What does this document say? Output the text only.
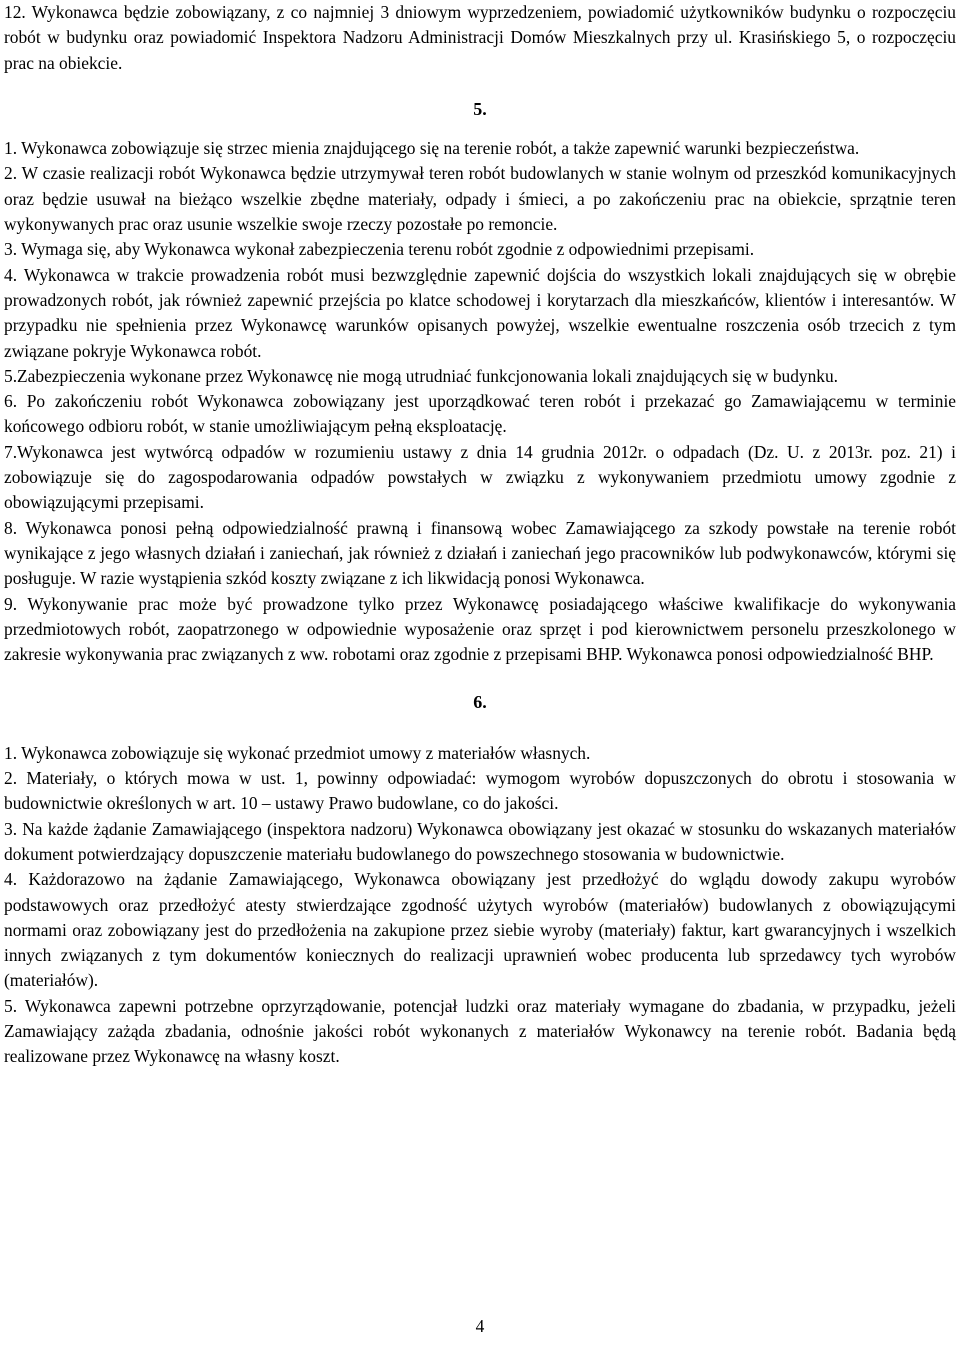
12. Wykonawca będzie zobowiązany, z co najmniej 3 dniowym wyprzedzeniem, powiadomić użytkowników budynku o rozpoczęciu robót w budynku oraz powiadomić Inspektora Nadzoru Administracji Domów Mieszkalnych przy ul. Krasińskiego 5, o rozpoczęciu prac na obiekcie.

5.

1. Wykonawca zobowiązuje się strzec mienia znajdującego się na terenie robót, a także zapewnić warunki bezpieczeństwa.

2. W czasie realizacji robót Wykonawca będzie utrzymywał teren robót budowlanych w stanie wolnym od przeszkód komunikacyjnych oraz będzie usuwał na bieżąco wszelkie zbędne materiały, odpady i śmieci, a po zakończeniu prac na obiekcie, sprzątnie teren wykonywanych prac oraz usunie wszelkie swoje rzeczy pozostałe po remoncie.

3. Wymaga się, aby Wykonawca wykonał zabezpieczenia terenu robót zgodnie z odpowiednimi przepisami.

4. Wykonawca w trakcie prowadzenia robót musi bezwzględnie zapewnić dojścia do wszystkich lokali znajdujących się w obrębie prowadzonych robót, jak również zapewnić przejścia po klatce schodowej i korytarzach dla mieszkańców, klientów i interesantów. W przypadku nie spełnienia przez Wykonawcę warunków opisanych powyżej, wszelkie ewentualne roszczenia osób trzecich z tym związane pokryje Wykonawca robót.

5.Zabezpieczenia wykonane przez Wykonawcę nie mogą utrudniać funkcjonowania lokali znajdujących się w budynku.

6. Po zakończeniu robót Wykonawca zobowiązany jest uporządkować teren robót i przekazać go Zamawiającemu w terminie końcowego odbioru robót, w stanie umożliwiającym pełną eksploatację.

7.Wykonawca jest wytwórcą odpadów w rozumieniu ustawy z dnia 14 grudnia 2012r. o odpadach (Dz. U. z 2013r. poz. 21) i zobowiązuje się do zagospodarowania odpadów powstałych w związku z wykonywaniem przedmiotu umowy zgodnie z obowiązującymi przepisami.

8. Wykonawca ponosi pełną odpowiedzialność prawną i finansową wobec Zamawiającego za szkody powstałe na terenie robót wynikające z jego własnych działań i zaniechań, jak również z działań i zaniechań jego pracowników lub podwykonawców, którymi się posługuje. W razie wystąpienia szkód koszty związane z ich likwidacją ponosi Wykonawca.

9. Wykonywanie prac może być prowadzone tylko przez Wykonawcę posiadającego właściwe kwalifikacje do wykonywania przedmiotowych robót, zaopatrzonego w odpowiednie wyposażenie oraz sprzęt i pod kierownictwem personelu przeszkolonego w zakresie wykonywania prac związanych z ww. robotami oraz zgodnie z przepisami BHP. Wykonawca ponosi odpowiedzialność BHP.

6.

1. Wykonawca zobowiązuje się wykonać przedmiot umowy z materiałów własnych.

2. Materiały, o których mowa w ust. 1, powinny odpowiadać: wymogom wyrobów dopuszczonych do obrotu i stosowania w budownictwie określonych w art. 10 – ustawy Prawo budowlane, co do jakości.

3. Na każde żądanie Zamawiającego (inspektora nadzoru) Wykonawca obowiązany jest okazać w stosunku do wskazanych materiałów dokument potwierdzający dopuszczenie materiału budowlanego do powszechnego stosowania w budownictwie.

4. Każdorazowo na żądanie Zamawiającego, Wykonawca obowiązany jest przedłożyć do wglądu dowody zakupu wyrobów podstawowych oraz przedłożyć atesty stwierdzające zgodność użytych wyrobów (materiałów) budowlanych z obowiązującymi normami oraz zobowiązany jest do przedłożenia na zakupione przez siebie wyroby (materiały) faktur, kart gwarancyjnych i wszelkich innych związanych z tym dokumentów koniecznych do realizacji uprawnień wobec producenta lub sprzedawcy tych wyrobów (materiałów).

5. Wykonawca zapewni potrzebne oprzyrządowanie, potencjał ludzki oraz materiały wymagane do zbadania, w przypadku, jeżeli Zamawiający zażąda zbadania, odnośnie jakości robót wykonanych z materiałów Wykonawcy na terenie robót. Badania będą realizowane przez Wykonawcę na własny koszt.

4
